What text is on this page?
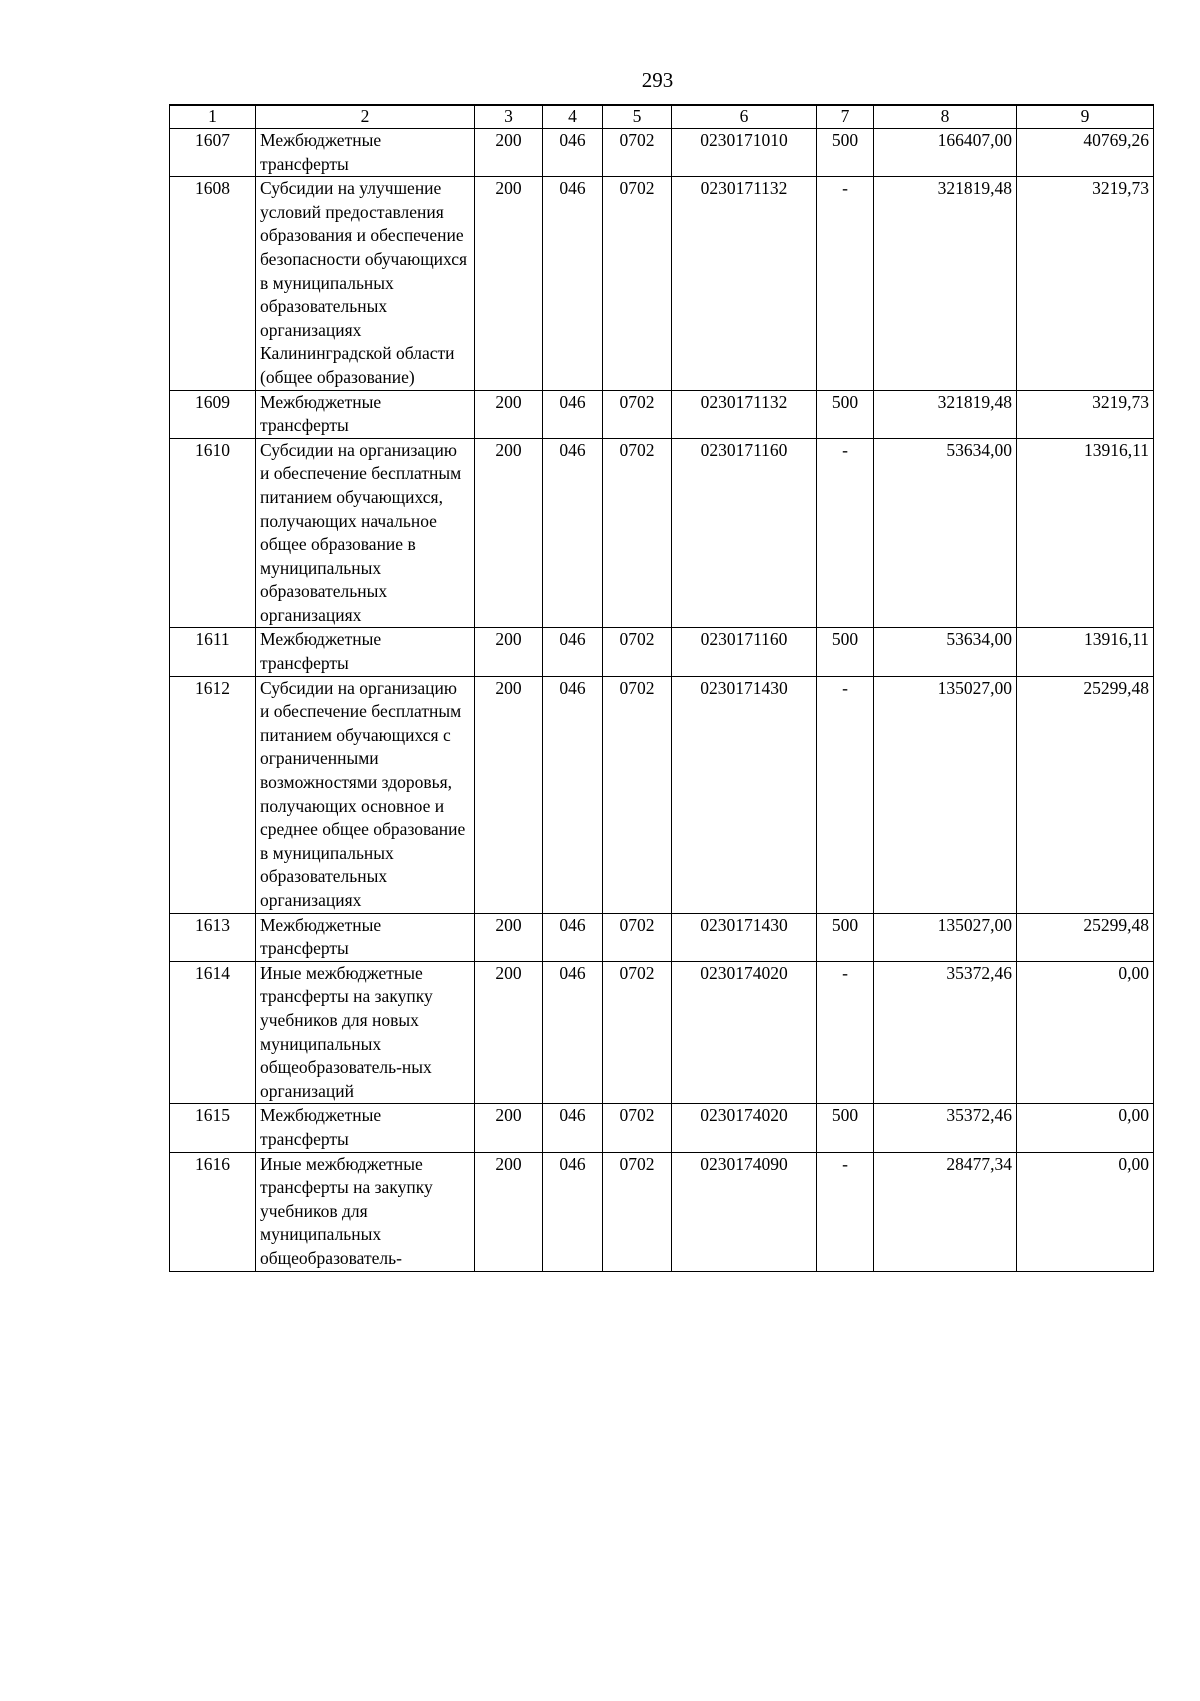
293
1	2	3	4	5	6	7	8	9
1607	Межбюджетные трансферты	200	046	0702	0230171010	500	166407,00	40769,26
1608	Субсидии на улучшение условий предоставления образования и обеспечение безопасности обучающихся в муниципальных образовательных организациях Калининградской области (общее образование)	200	046	0702	0230171132	-	321819,48	3219,73
1609	Межбюджетные трансферты	200	046	0702	0230171132	500	321819,48	3219,73
1610	Субсидии на организацию и обеспечение бесплатным питанием обучающихся, получающих начальное общее образование в муниципальных образовательных организациях	200	046	0702	0230171160	-	53634,00	13916,11
1611	Межбюджетные трансферты	200	046	0702	0230171160	500	53634,00	13916,11
1612	Субсидии на организацию и обеспечение бесплатным питанием обучающихся с ограниченными возможностями здоровья, получающих основное и среднее общее образование в муниципальных образовательных организациях	200	046	0702	0230171430	-	135027,00	25299,48
1613	Межбюджетные трансферты	200	046	0702	0230171430	500	135027,00	25299,48
1614	Иные межбюджетные трансферты на закупку учебников для новых муниципальных общеобразователь-ных организаций	200	046	0702	0230174020	-	35372,46	0,00
1615	Межбюджетные трансферты	200	046	0702	0230174020	500	35372,46	0,00
1616	Иные межбюджетные трансферты на закупку учебников для муниципальных общеобразователь-	200	046	0702	0230174090	-	28477,34	0,00
